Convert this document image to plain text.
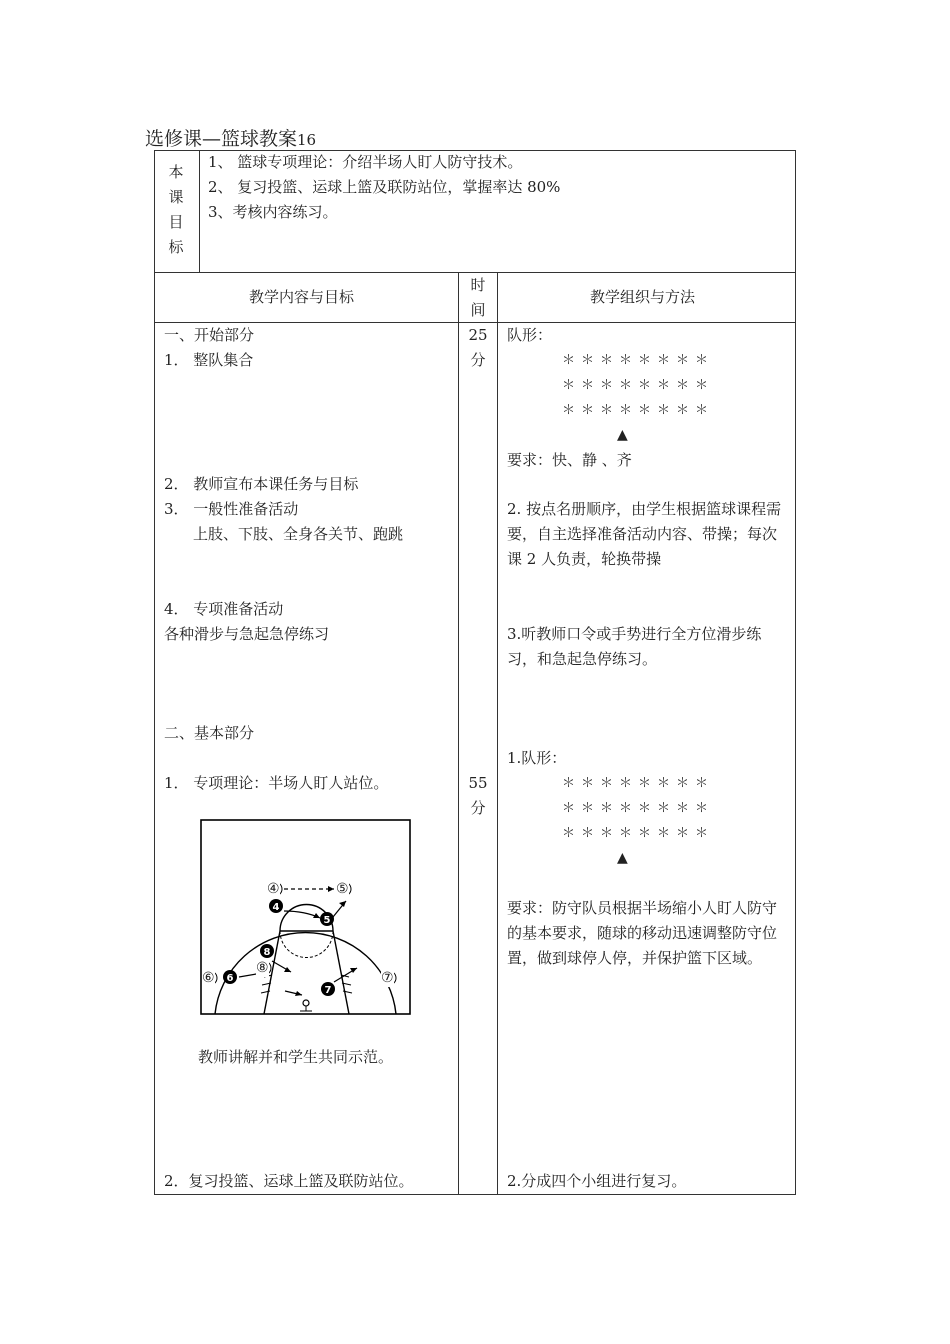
选修课—篮球教案16
本
课
目
标
1、 篮球专项理论：介绍半场人盯人防守技术。
2、 复习投篮、运球上篮及联防站位，掌握率达 80%
3、考核内容练习。
教学内容与目标
时
间
教学组织与方法
一、开始部分
1． 整队集合
2． 教师宣布本课任务与目标
3． 一般性准备活动
上肢、下肢、全身各关节、跑跳
4． 专项准备活动
各种滑步与急起急停练习
二、基本部分
1． 专项理论：半场人盯人站位。
4
5
8
6
7
教师讲解并和学生共同示范。
2．复习投篮、运球上篮及联防站位。
25
分
55
分
队形：
＊＊＊＊＊＊＊＊
＊＊＊＊＊＊＊＊
＊＊＊＊＊＊＊＊
▲
要求：快、静 、齐
2. 按点名册顺序，由学生根据篮球课程需要，自主选择准备活动内容、带操；每次课 2 人负责，轮换带操
3.听教师口令或手势进行全方位滑步练习，和急起急停练习。
1.队形：
＊＊＊＊＊＊＊＊
＊＊＊＊＊＊＊＊
＊＊＊＊＊＊＊＊
▲
要求：防守队员根据半场缩小人盯人防守的基本要求，随球的移动迅速调整防守位置，做到球停人停，并保护篮下区域。
2.分成四个小组进行复习。
④	⑤
⑧
⑥	⑦
